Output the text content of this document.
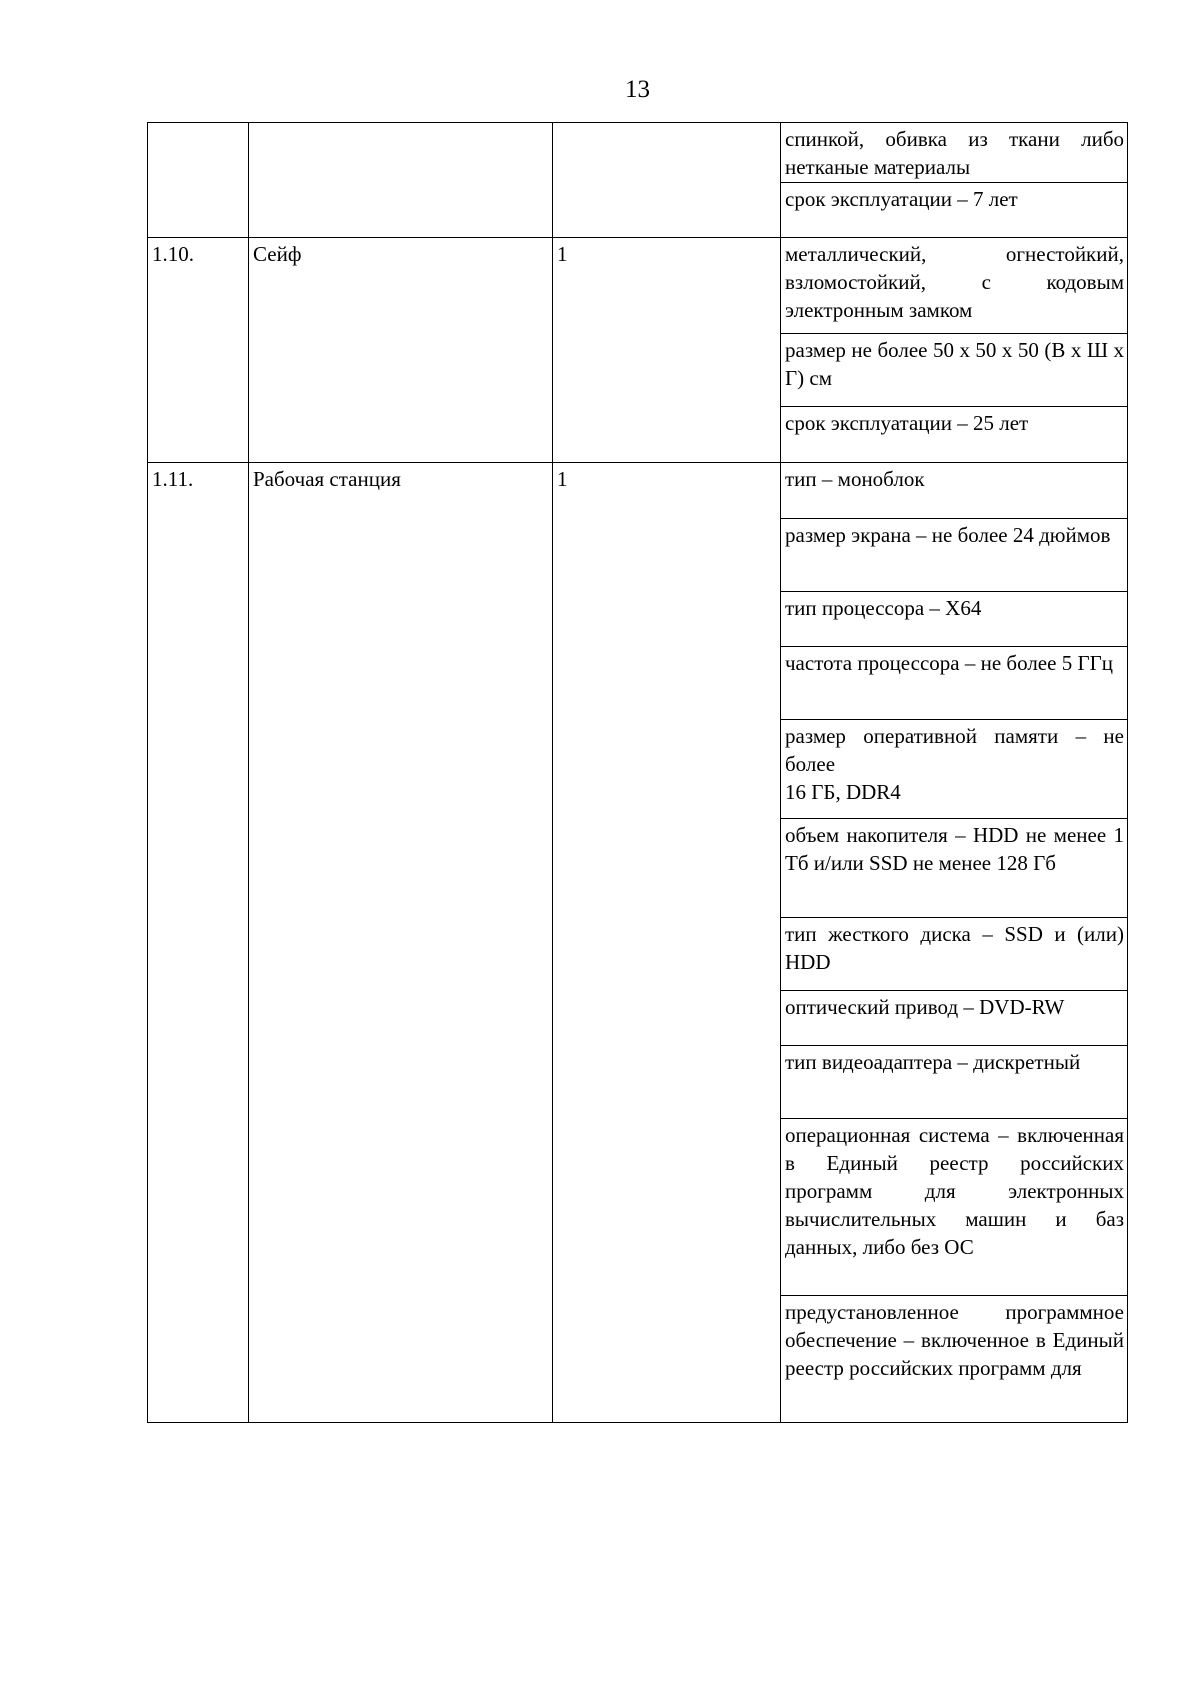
13
			спинкой, обивка из ткани либо нетканые материалы
			срок эксплуатации – 7 лет
1.10.	Сейф	1	металлический, огнестойкий, взломостойкий, с кодовым электронным замком
			размер не более 50 х 50 х 50 (В х Ш х Г) см
			срок эксплуатации – 25 лет
1.11.	Рабочая станция	1	тип – моноблок
			размер экрана – не более 24 дюймов
			тип процессора – X64
			частота процессора – не более 5 ГГц
			размер оперативной памяти – не более
16 ГБ, DDR4
			объем накопителя – HDD не менее 1 Тб и/или SSD не менее 128 Гб
			тип жесткого диска – SSD и (или) HDD
			оптический привод – DVD-RW
			тип видеоадаптера – дискретный
			операционная система – включенная в Единый реестр российских программ для электронных вычислительных машин и баз данных, либо без ОС
			предустановленное программное обеспечение – включенное в Единый реестр российских программ для
